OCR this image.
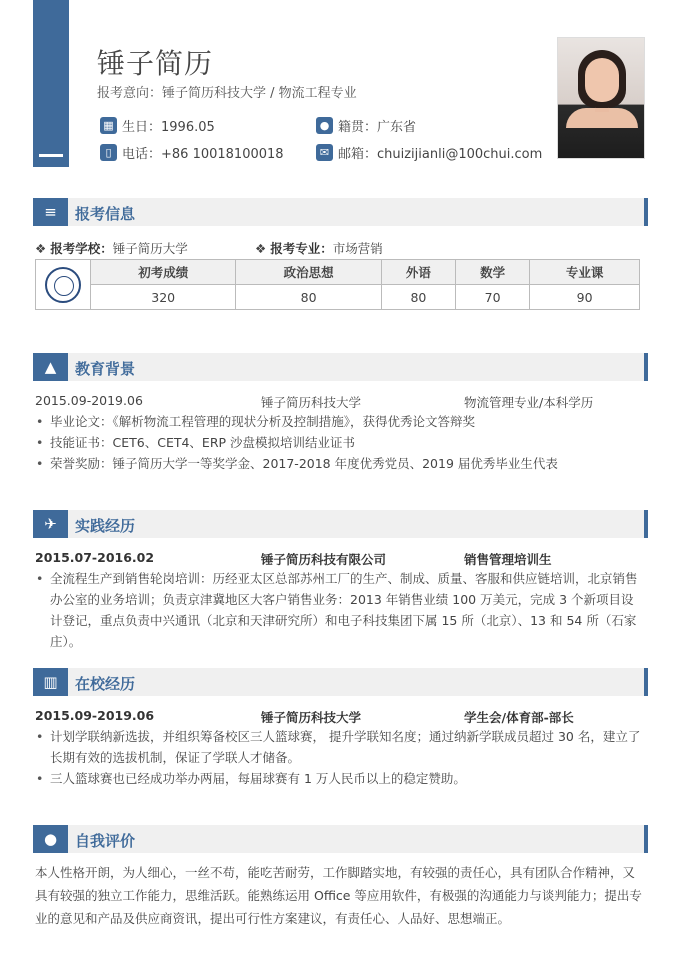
锤子简历
报考意向：锤子简历科技大学 / 物流工程专业
▦ 生日：1996.05	● 籍贯：广东省
▯ 电话：+86 10018100018	✉ 邮箱：chuizijianli@100chui.com
≡	报考信息
❖ 报考学校：锤子简历大学	❖ 报考专业：市场营销
	初考成绩	政治思想	外语	数学	专业课
	320	80	80	70	90
▲	教育背景
2015.09-2019.06	锤子简历科技大学	物流管理专业/本科学历
• 毕业论文：《解析物流工程管理的现状分析及控制措施》，获得优秀论文答辩奖
• 技能证书：CET6、CET4、ERP 沙盘模拟培训结业证书
• 荣誉奖励：锤子简历大学一等奖学金、2017-2018 年度优秀党员、2019 届优秀毕业生代表
✈	实践经历
2015.07-2016.02	锤子简历科技有限公司	销售管理培训生
• 全流程生产到销售轮岗培训：历经亚太区总部苏州工厂的生产、制成、质量、客服和供应链培训，北京销售办公室的业务培训；负责京津冀地区大客户销售业务：2013 年销售业绩 100 万美元，完成 3 个新项目设计登记，重点负责中兴通讯（北京和天津研究所）和电子科技集团下属 15 所（北京）、13 和 54 所（石家庄）。
▥	在校经历
2015.09-2019.06	锤子简历科技大学	学生会/体育部-部长
• 计划学联纳新选拔，并组织筹备校区三人篮球赛， 提升学联知名度；通过纳新学联成员超过 30 名，建立了长期有效的选拔机制，保证了学联人才储备。
• 三人篮球赛也已经成功举办两届，每届球赛有 1 万人民币以上的稳定赞助。
●	自我评价
本人性格开朗，为人细心，一丝不苟，能吃苦耐劳，工作脚踏实地，有较强的责任心，具有团队合作精神，又具有较强的独立工作能力，思维活跃。能熟练运用 Office 等应用软件，有极强的沟通能力与谈判能力；提出专业的意见和产品及供应商资讯，提出可行性方案建议，有责任心、人品好、思想端正。
